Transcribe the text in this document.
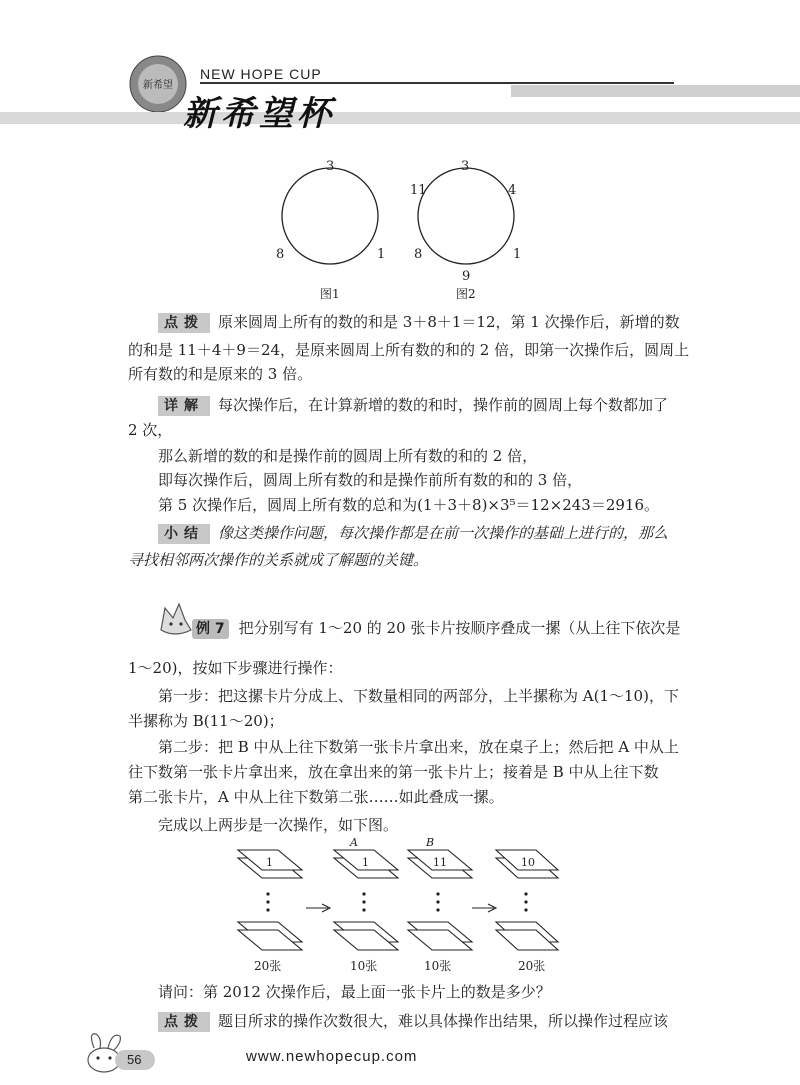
新希望
NEW HOPE CUP
新希望杯
3
8	1
图1
3
11	4
8	1
9
图2
点拨 原来圆周上所有的数的和是 3＋8＋1＝12，第 1 次操作后，新增的数
的和是 11＋4＋9＝24，是原来圆周上所有数的和的 2 倍，即第一次操作后，圆周上
所有数的和是原来的 3 倍。
详解 每次操作后，在计算新增的数的和时，操作前的圆周上每个数都加了
2 次，
那么新增的数的和是操作前的圆周上所有数的和的 2 倍，
即每次操作后，圆周上所有数的和是操作前所有数的和的 3 倍，
第 5 次操作后，圆周上所有数的总和为(1＋3＋8)×3⁵＝12×243＝2916。
小结 像这类操作问题，每次操作都是在前一次操作的基础上进行的，那么
寻找相邻两次操作的关系就成了解题的关键。
例 7 把分别写有 1～20 的 20 张卡片按顺序叠成一摞（从上往下依次是
1～20)，按如下步骤进行操作：
第一步：把这摞卡片分成上、下数量相同的两部分，上半摞称为 A(1～10)，下
半摞称为 B(11～20)；
第二步：把 B 中从上往下数第一张卡片拿出来，放在桌子上；然后把 A 中从上
往下数第一张卡片拿出来，放在拿出来的第一张卡片上；接着是 B 中从上往下数
第二张卡片，A 中从上往下数第二张……如此叠成一摞。
完成以上两步是一次操作，如下图。
1
20张
A
1
10张
B
11
10张
10
20张
请问：第 2012 次操作后，最上面一张卡片上的数是多少？
点拨 题目所求的操作次数很大，难以具体操作出结果，所以操作过程应该
56	www.newhopecup.com
